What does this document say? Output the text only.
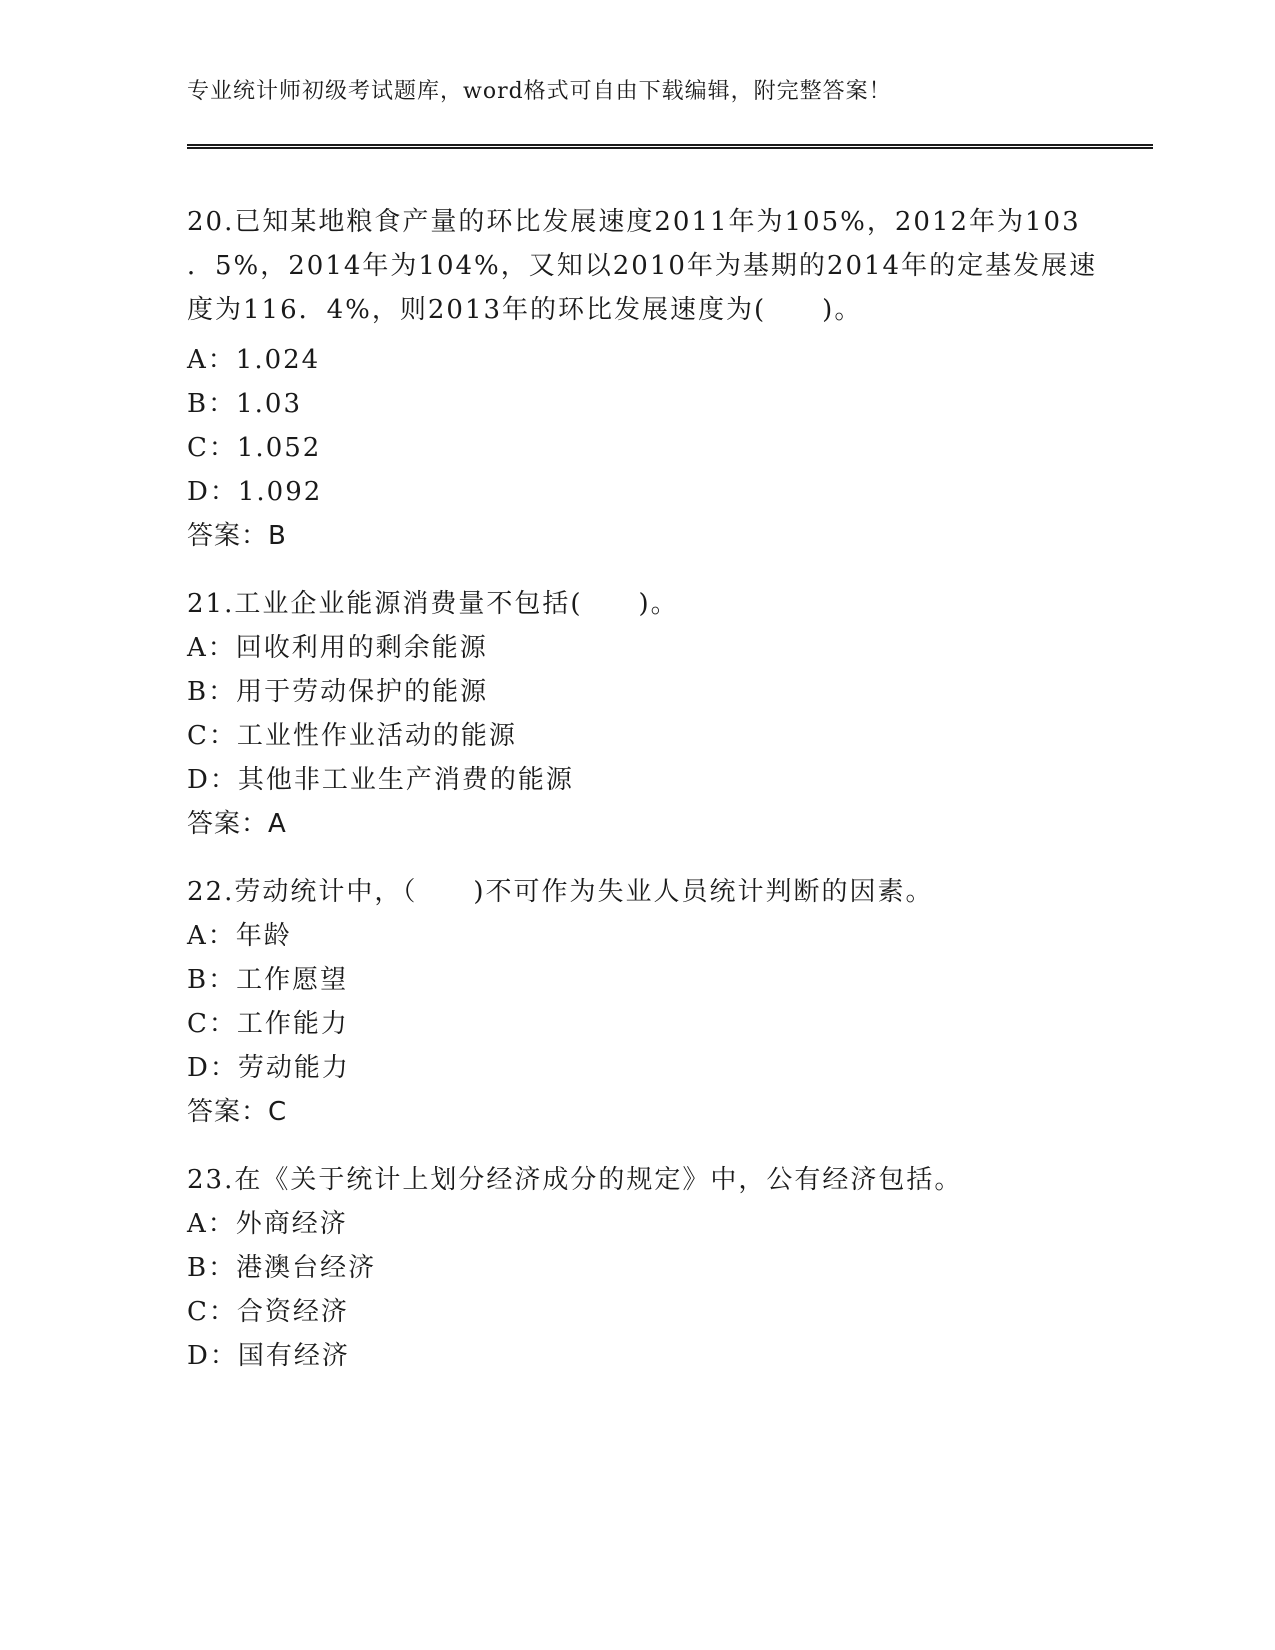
专业统计师初级考试题库，word格式可自由下载编辑，附完整答案！
20.已知某地粮食产量的环比发展速度2011年为105%，2012年为103
．5%，2014年为104%，又知以2010年为基期的2014年的定基发展速
度为116．4%，则2013年的环比发展速度为(　　)。
A：1.024
B：1.03
C：1.052
D：1.092
答案：B
21.工业企业能源消费量不包括(　　)。
A：回收利用的剩余能源
B：用于劳动保护的能源
C：工业性作业活动的能源
D：其他非工业生产消费的能源
答案：A
22.劳动统计中，（　　)不可作为失业人员统计判断的因素。
A：年龄
B：工作愿望
C：工作能力
D：劳动能力
答案：C
23.在《关于统计上划分经济成分的规定》中，公有经济包括。
A：外商经济
B：港澳台经济
C：合资经济
D：国有经济
